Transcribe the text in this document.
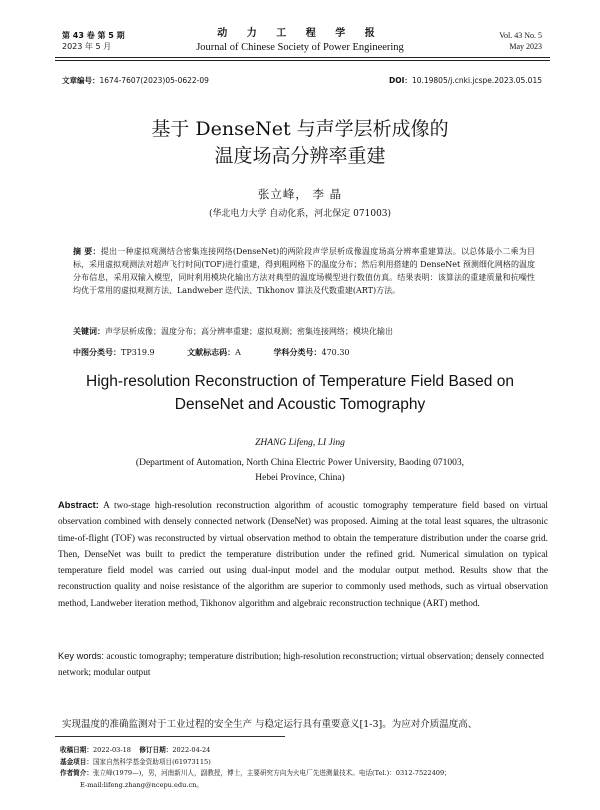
第 43 卷 第 5 期
2023 年 5 月
动 力 工 程 学 报
Journal of Chinese Society of Power Engineering
Vol. 43 No. 5
May 2023
文章编号：1674-7607(2023)05-0622-09	DOI：10.19805/j.cnki.jcspe.2023.05.015
基于 DenseNet 与声学层析成像的
温度场高分辨率重建
张立峰， 李 晶
(华北电力大学 自动化系，河北保定 071003)
摘 要：提出一种虚拟观测结合密集连接网络(DenseNet)的两阶段声学层析成像温度场高分辨率重建算法。以总体最小二乘为目标，采用虚拟观测法对超声飞行时间(TOF)进行重建，得到粗网格下的温度分布；然后利用搭建的 DenseNet 预测细化网格的温度分布信息，采用双输入模型，同时利用模块化输出方法对典型的温度场模型进行数值仿真。结果表明：该算法的重建质量和抗噪性均优于常用的虚拟观测方法、Landweber 迭代法、Tikhonov 算法及代数重建(ART)方法。
关键词：声学层析成像；温度分布；高分辨率重建；虚拟观测；密集连接网络；模块化输出
中图分类号：TP319.9	文献标志码：A	学科分类号：470.30
High-resolution Reconstruction of Temperature Field Based on
DenseNet and Acoustic Tomography
ZHANG Lifeng, LI Jing
(Department of Automation, North China Electric Power University, Baoding 071003,
Hebei Province, China)
Abstract: A two-stage high-resolution reconstruction algorithm of acoustic tomography temperature field based on virtual observation combined with densely connected network (DenseNet) was proposed. Aiming at the total least squares, the ultrasonic time-of-flight (TOF) was reconstructed by virtual observation method to obtain the temperature distribution under the coarse grid. Then, DenseNet was built to predict the temperature distribution under the refined grid. Numerical simulation on typical temperature field model was carried out using dual-input model and the modular output method. Results show that the reconstruction quality and noise resistance of the algorithm are superior to commonly used methods, such as virtual observation method, Landweber iteration method, Tikhonov algorithm and algebraic reconstruction technique (ART) method.
Key words: acoustic tomography; temperature distribution; high-resolution reconstruction; virtual observation; densely connected network; modular output
实现温度的准确监测对于工业过程的安全生产 与稳定运行具有重要意义[1-3]。为应对介质温度高、
收稿日期：2022-03-18 修订日期：2022-04-24
基金项目：国家自然科学基金资助项目(61973115)
作者简介：张立峰(1979—)，男，河南新川人，副教授，博士，主要研究方向为火电厂先进测量技术。电话(Tel.)：0312-7522409；
E-mail:lifeng.zhang@ncepu.edu.cn。
